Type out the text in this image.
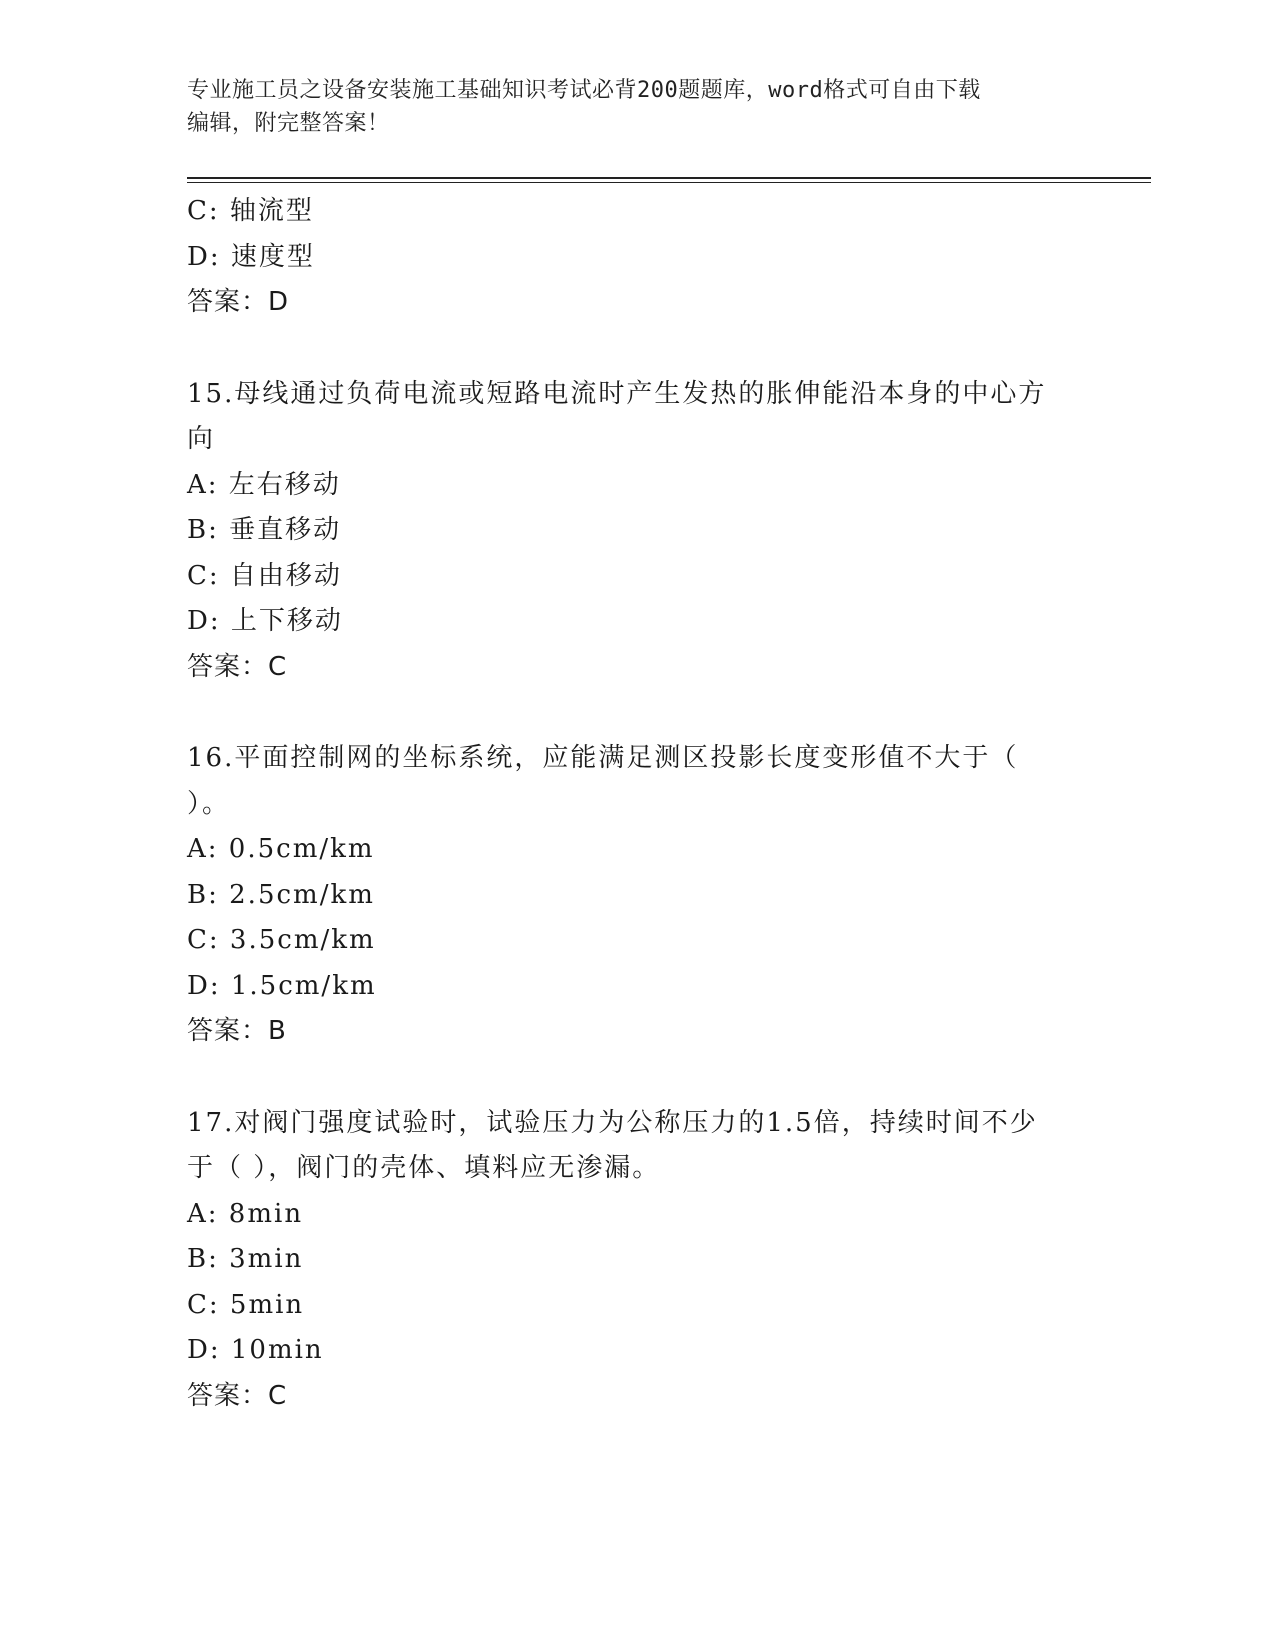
专业施工员之设备安装施工基础知识考试必背200题题库，word格式可自由下载
编辑，附完整答案！
C: 轴流型
D: 速度型
答案：D
15.母线通过负荷电流或短路电流时产生发热的胀伸能沿本身的中心方
向
A: 左右移动
B: 垂直移动
C: 自由移动
D: 上下移动
答案：C
16.平面控制网的坐标系统，应能满足测区投影长度变形值不大于（
）。
A: 0.5cm/km
B: 2.5cm/km
C: 3.5cm/km
D: 1.5cm/km
答案：B
17.对阀门强度试验时，试验压力为公称压力的1.5倍，持续时间不少
于（ ），阀门的壳体、填料应无渗漏。
A: 8min
B: 3min
C: 5min
D: 10min
答案：C
